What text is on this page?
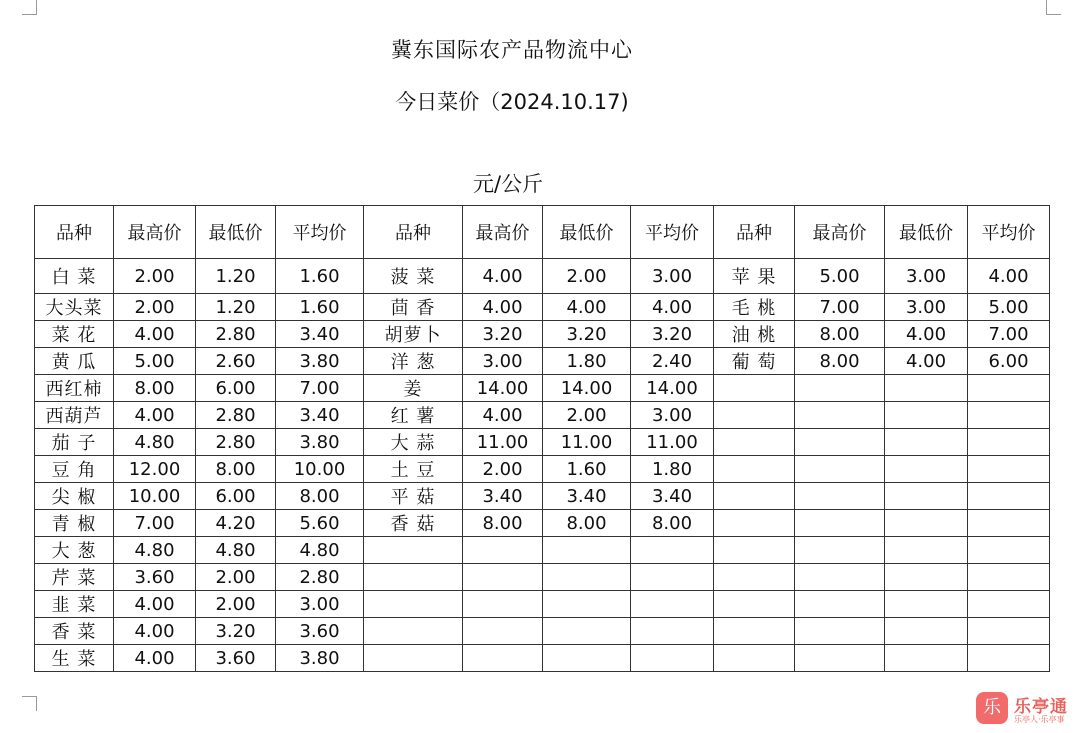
冀东国际农产品物流中心
今日菜价（2024.10.17)
元/公斤
品种	最高价	最低价	平均价	品种	最高价	最低价	平均价	品种	最高价	最低价	平均价
白 菜	2.00	1.20	1.60	菠 菜	4.00	2.00	3.00	苹 果	5.00	3.00	4.00
大头菜	2.00	1.20	1.60	茴 香	4.00	4.00	4.00	毛 桃	7.00	3.00	5.00
菜 花	4.00	2.80	3.40	胡萝卜	3.20	3.20	3.20	油 桃	8.00	4.00	7.00
黄 瓜	5.00	2.60	3.80	洋 葱	3.00	1.80	2.40	葡 萄	8.00	4.00	6.00
西红柿	8.00	6.00	7.00	姜	14.00	14.00	14.00				
西葫芦	4.00	2.80	3.40	红 薯	4.00	2.00	3.00				
茄 子	4.80	2.80	3.80	大 蒜	11.00	11.00	11.00				
豆 角	12.00	8.00	10.00	土 豆	2.00	1.60	1.80				
尖 椒	10.00	6.00	8.00	平 菇	3.40	3.40	3.40				
青 椒	7.00	4.20	5.60	香 菇	8.00	8.00	8.00				
大 葱	4.80	4.80	4.80								
芹 菜	3.60	2.00	2.80								
韭 菜	4.00	2.00	3.00								
香 菜	4.00	3.20	3.60								
生 菜	4.00	3.60	3.80								
乐 乐亭通
乐亭人·乐亭事
